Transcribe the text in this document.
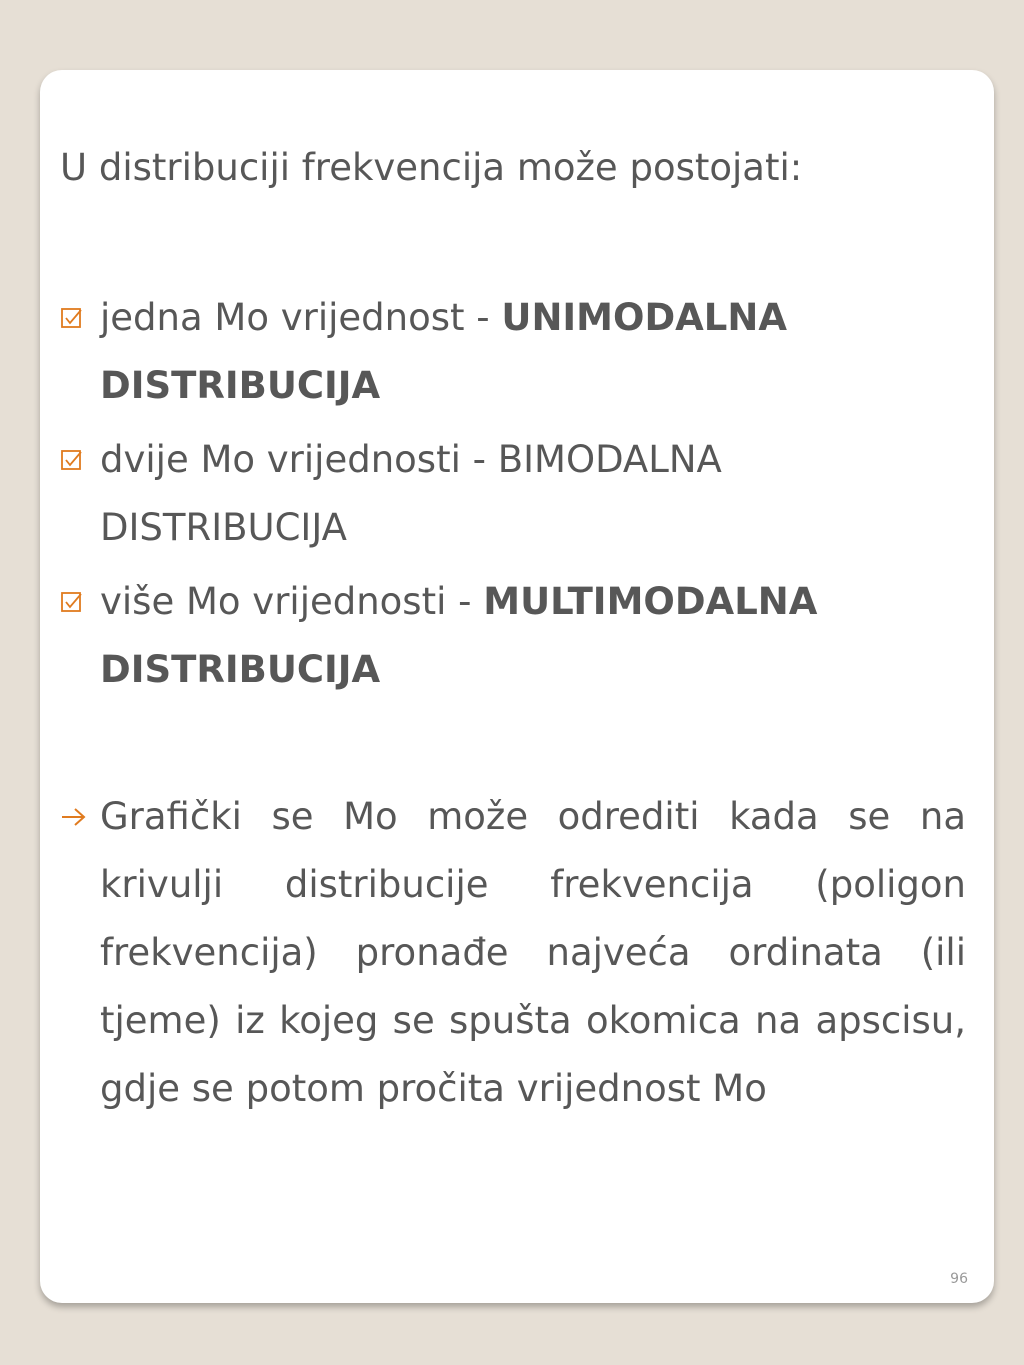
U distribuciji frekvencija može postojati:

jedna Mo vrijednost - UNIMODALNA DISTRIBUCIJA
dvije Mo vrijednosti - BIMODALNA DISTRIBUCIJA
više Mo vrijednosti - MULTIMODALNA DISTRIBUCIJA
Grafički se Mo može odrediti kada se na krivulji distribucije frekvencija (poligon frekvencija) pronađe najveća ordinata (ili tjeme) iz kojeg se spušta okomica na apscisu, gdje se potom pročita vrijednost Mo
96
